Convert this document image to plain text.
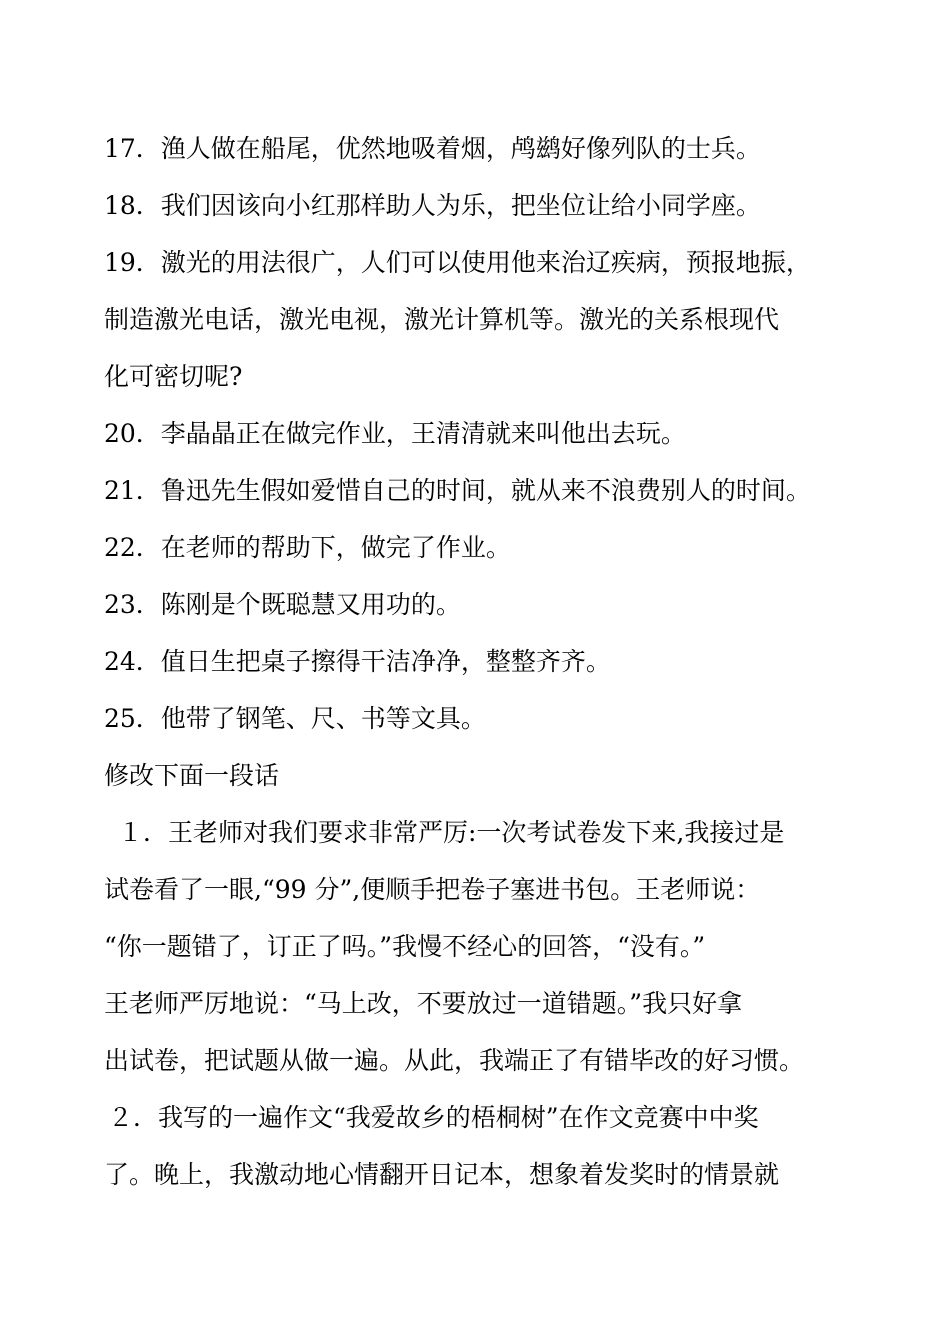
17．渔人做在船尾，优然地吸着烟，鸬鹚好像列队的士兵。
18．我们因该向小红那样助人为乐，把坐位让给小同学座。
19．激光的用法很广，人们可以使用他来治辽疾病，预报地振，
制造激光电话，激光电视，激光计算机等。激光的关系根现代
化可密切呢?
20．李晶晶正在做完作业，王清清就来叫他出去玩。
21．鲁迅先生假如爱惜自己的时间，就从来不浪费别人的时间。
22．在老师的帮助下，做完了作业。
23．陈刚是个既聪慧又用功的。
24．值日生把桌子擦得干洁净净，整整齐齐。
25．他带了钢笔、尺、书等文具。
修改下面一段话
１．王老师对我们要求非常严厉:一次考试卷发下来,我接过是
试卷看了一眼,“99 分”,便顺手把卷子塞进书包。王老师说：
“你一题错了，订正了吗。”我慢不经心的回答，“没有。”
王老师严厉地说：“马上改，不要放过一道错题。”我只好拿
出试卷，把试题从做一遍。从此，我端正了有错毕改的好习惯。
２．我写的一遍作文“我爱故乡的梧桐树”在作文竞赛中中奖
了。晚上，我激动地心情翻开日记本，想象着发奖时的情景就
